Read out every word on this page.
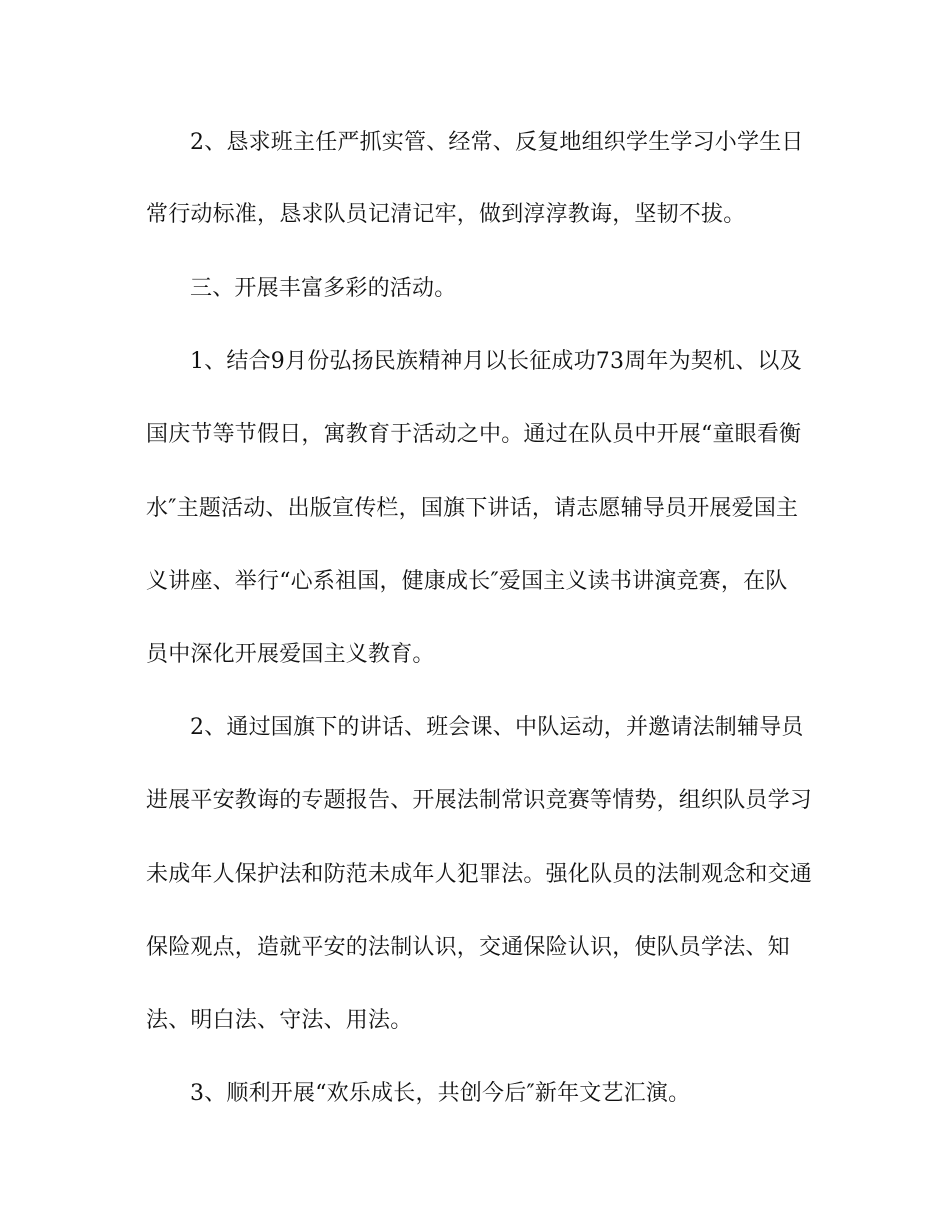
2、恳求班主任严抓实管、经常、反复地组织学生学习小学生日
常行动标准，恳求队员记清记牢，做到淳淳教诲，坚韧不拔。
三、开展丰富多彩的活动。
1、结合9月份弘扬民族精神月以长征成功73周年为契机、以及
国庆节等节假日，寓教育于活动之中。通过在队员中开展“童眼看衡
水″主题活动、出版宣传栏，国旗下讲话，请志愿辅导员开展爱国主
义讲座、举行“心系祖国，健康成长″爱国主义读书讲演竞赛，在队
员中深化开展爱国主义教育。
2、通过国旗下的讲话、班会课、中队运动，并邀请法制辅导员
进展平安教诲的专题报告、开展法制常识竞赛等情势，组织队员学习
未成年人保护法和防范未成年人犯罪法。强化队员的法制观念和交通
保险观点，造就平安的法制认识，交通保险认识，使队员学法、知
法、明白法、守法、用法。
3、顺利开展“欢乐成长，共创今后″新年文艺汇演。
